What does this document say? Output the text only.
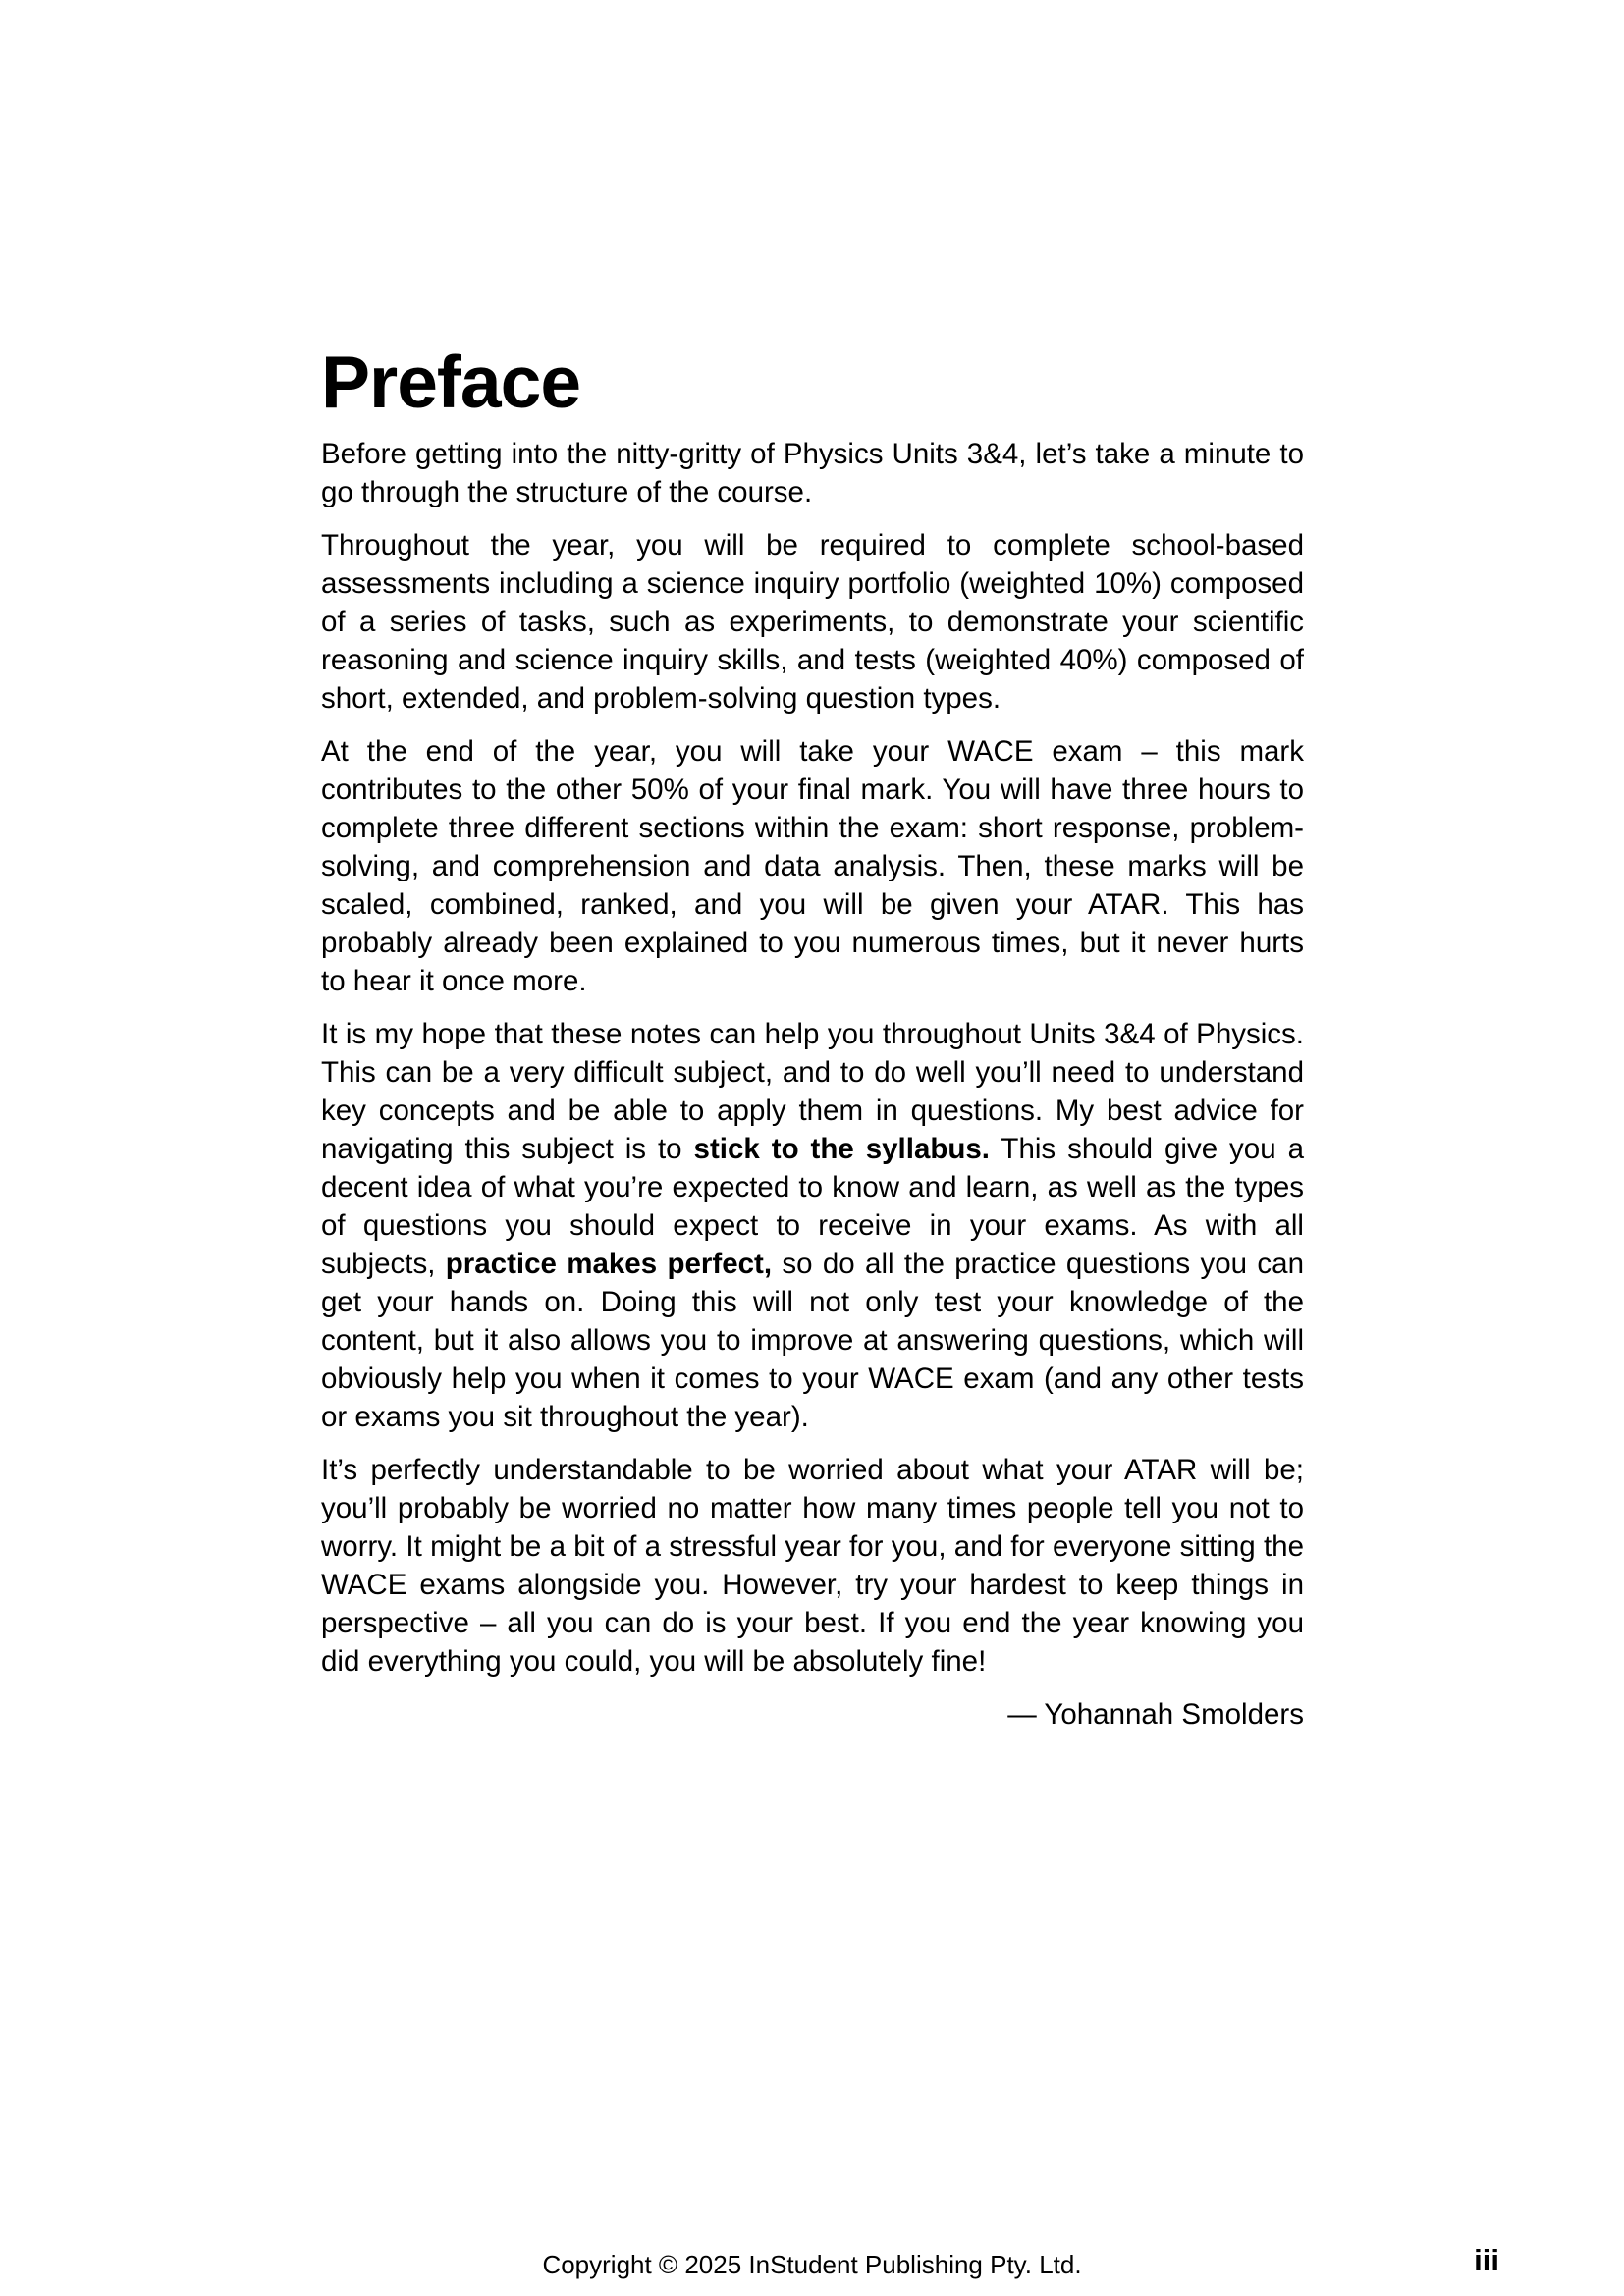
Preface

Before getting into the nitty-gritty of Physics Units 3&4, let’s take a minute to go through the structure of the course.

Throughout the year, you will be required to complete school-based assessments including a science inquiry portfolio (weighted 10%) composed of a series of tasks, such as experiments, to demonstrate your scientific reasoning and science inquiry skills, and tests (weighted 40%) composed of short, extended, and problem-solving question types.

At the end of the year, you will take your WACE exam – this mark contributes to the other 50% of your final mark. You will have three hours to complete three different sections within the exam: short response, problem-solving, and comprehension and data analysis. Then, these marks will be scaled, combined, ranked, and you will be given your ATAR. This has probably already been explained to you numerous times, but it never hurts to hear it once more.

It is my hope that these notes can help you throughout Units 3&4 of Physics. This can be a very difficult subject, and to do well you’ll need to understand key concepts and be able to apply them in questions. My best advice for navigating this subject is to stick to the syllabus. This should give you a decent idea of what you’re expected to know and learn, as well as the types of questions you should expect to receive in your exams. As with all subjects, practice makes perfect, so do all the practice questions you can get your hands on. Doing this will not only test your knowledge of the content, but it also allows you to improve at answering questions, which will obviously help you when it comes to your WACE exam (and any other tests or exams you sit throughout the year).

It’s perfectly understandable to be worried about what your ATAR will be; you’ll probably be worried no matter how many times people tell you not to worry. It might be a bit of a stressful year for you, and for everyone sitting the WACE exams alongside you. However, try your hardest to keep things in perspective – all you can do is your best. If you end the year knowing you did everything you could, you will be absolutely fine!

— Yohannah Smolders

Copyright © 2025 InStudent Publishing Pty. Ltd.	iii
